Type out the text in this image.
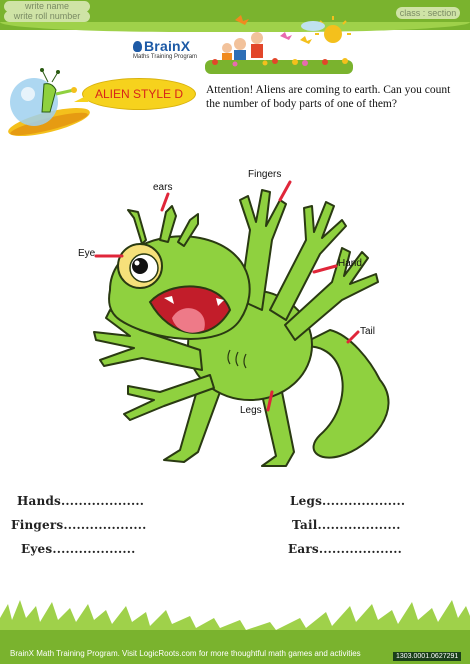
write name
write roll number	class : section
BrainX
Maths Training Program
ALIEN STYLE D	Attention! Aliens are coming to earth. Can you count the number of body parts of one of them?
ears
Fingers
Eye
Hand
Tail
Legs
Hands...................
Fingers...................
Eyes...................
Legs...................
Tail...................
Ears...................
BrainX Math Training Program. Visit LogicRoots.com for more thoughtful math games and activities	1303.0001.0627291
